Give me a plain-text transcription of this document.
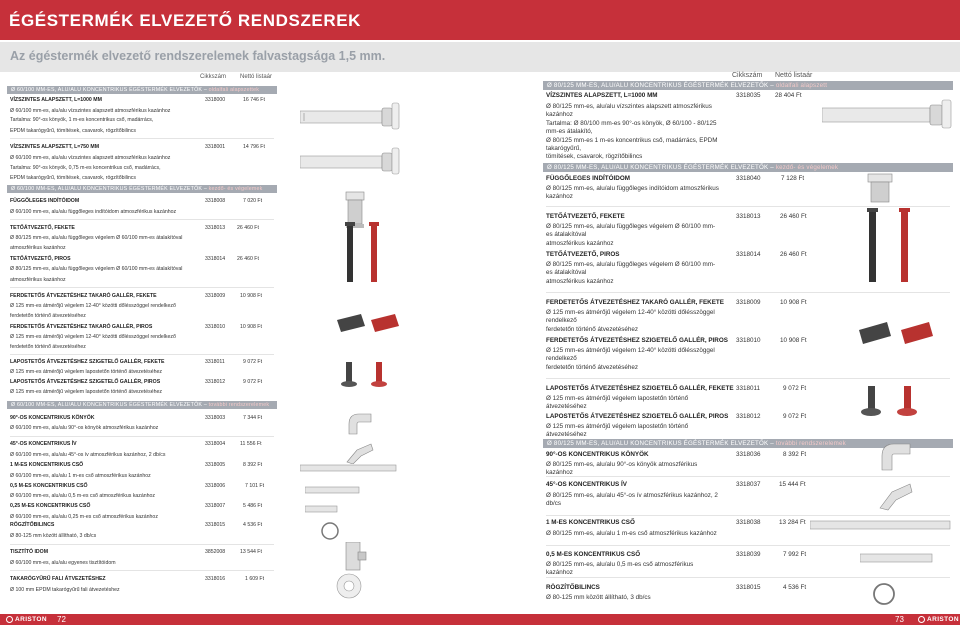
ÉGÉSTERMÉK ELVEZETŐ RENDSZEREK
Az égéstermék elvezető rendszerelemek falvastagsága 1,5 mm.
Cikkszám Nettó listaár
Ø 60/100 MM-ES, ALU/ALU KONCENTRIKUS ÉGÉSTERMÉK ELVEZETŐK – oldalfali alapszettek
VÍZSZINTES ALAPSZETT, L=1000 MM	3318000	16 746 Ft
Ø 60/100 mm-es, alu/alu vízszintes alapszett atmoszférikus kazánhoz
Tartalma: 90°-os könyök, 1 m-es koncentrikus cső, madárrács,
EPDM takarógyűrű, tömítések, csavarok, rögzítőbilincs
VÍZSZINTES ALAPSZETT, L=750 MM	3318001	14 796 Ft
Ø 60/100 mm-es, alu/alu vízszintes alapszett atmoszférikus kazánhoz
Tartalma: 90°-os könyök, 0,75 m-es koncentrikus cső, madárrács,
EPDM takarógyűrű, tömítések, csavarok, rögzítőbilincs
Ø 60/100 MM-ES, ALU/ALU KONCENTRIKUS ÉGÉSTERMÉK ELVEZETŐK – kezdő- és végelemek
FÜGGŐLEGES INDÍTÓIDOM	3318008	7 020 Ft
Ø 60/100 mm-es, alu/alu függőleges indítóidom atmoszférikus kazánhoz
TETŐÁTVEZETŐ, FEKETE	3318013 26 460 Ft
Ø 80/125 mm-es, alu/alu függőleges végelem Ø 60/100 mm-es átalakítóval
atmoszférikus kazánhoz
TETŐÁTVEZETŐ, PIROS	3318014 26 460 Ft
Ø 80/125 mm-es, alu/alu függőleges végelem Ø 60/100 mm-es átalakítóval
atmoszférikus kazánhoz
FERDETETŐS ÁTVEZETÉSHEZ TAKARÓ GALLÉR, FEKETE	3318009	10 908 Ft
Ø 125 mm-es átmérőjű végelem 12-40° közötti dőlésszöggel rendelkező
ferdetetőn történő átvezetéséhez
FERDETETŐS ÁTVEZETÉSHEZ TAKARÓ GALLÉR, PIROS	3318010	10 908 Ft
Ø 125 mm-es átmérőjű végelem 12-40° közötti dőlésszöggel rendelkező
ferdetetőn történő átvezetéséhez
LAPOSTETŐS ÁTVEZETÉSHEZ SZIGETELŐ GALLÉR, FEKETE	3318011	9 072 Ft
Ø 125 mm-es átmérőjű végelem lapostetőn történő átvezetéséhez
LAPOSTETŐS ÁTVEZETÉSHEZ SZIGETELŐ GALLÉR, PIROS	3318012	9 072 Ft
Ø 125 mm-es átmérőjű végelem lapostetőn történő átvezetéséhez
Ø 60/100 MM-ES, ALU/ALU KONCENTRIKUS ÉGÉSTERMÉK ELVEZETŐK – további rendszerelemek
90°-OS KONCENTRIKUS KÖNYÖK	3318003	7 344 Ft
Ø 60/100 mm-es, alu/alu 90°-os könyök atmoszférikus kazánhoz
45°-OS KONCENTRIKUS ÍV	3318004	11 556 Ft
Ø 60/100 mm-es, alu/alu 45°-os ív atmoszférikus kazánhoz, 2 db/cs
1 M-ES KONCENTRIKUS CSŐ	3318005	8 392 Ft
Ø 60/100 mm-es, alu/alu 1 m-es cső atmoszférikus kazánhoz
0,5 M-ES KONCENTRIKUS CSŐ	3318006	7 101 Ft
Ø 60/100 mm-es, alu/alu 0,5 m-es cső atmoszférikus kazánhoz
0,25 M-ES KONCENTRIKUS CSŐ	3318007	5 486 Ft
Ø 60/100 mm-es, alu/alu 0,25 m-es cső atmoszférikus kazánhoz
RÖGZÍTŐBILINCS	3318015	4 536 Ft
Ø 80-125 mm között állítható, 3 db/cs
TISZTÍTÓ IDOM	3852008	13 544 Ft
Ø 60/100 mm-es, alu/alu egyenes tisztítóidom
TAKARÓGYŰRŰ FALI ÁTVEZETÉSHEZ	3318016	1 609 Ft
Ø 100 mm EPDM takarógyűrű fali átvezetéshez
Cikkszám Nettó listaár
Ø 80/125 MM-ES, ALU/ALU KONCENTRIKUS ÉGÉSTERMÉK ELVEZETŐK – oldalfali alapszett
VÍZSZINTES ALAPSZETT, L=1000 MM	3318035 28 404 Ft
Ø 80/125 mm-es, alu/alu vízszintes alapszett atmoszférikus kazánhoz
Tartalma: Ø 80/100 mm-es 90°-os könyök, Ø 60/100 - 80/125 mm-es átalakító,
Ø 80/125 mm-es 1 m-es koncentrikus cső, madárrács, EPDM takarógyűrű,
tömítések, csavarok, rögzítőbilincs
Ø 80/125 MM-ES, ALU/ALU KONCENTRIKUS ÉGÉSTERMÉK ELVEZETŐK – kezdő- és végelemek
FÜGGŐLEGES INDÍTÓIDOM	3318040	7 128 Ft
Ø 80/125 mm-es, alu/alu függőleges indítóidom atmoszférikus kazánhoz
TETŐÁTVEZETŐ, FEKETE	3318013	26 460 Ft
Ø 80/125 mm-es, alu/alu függőleges végelem Ø 60/100 mm-es átalakítóval
atmoszférikus kazánhoz
TETŐÁTVEZETŐ, PIROS	3318014	26 460 Ft
Ø 80/125 mm-es, alu/alu függőleges végelem Ø 60/100 mm-es átalakítóval
atmoszférikus kazánhoz
FERDETETŐS ÁTVEZETÉSHEZ TAKARÓ GALLÉR, FEKETE 3318009	10 908 Ft
Ø 125 mm-es átmérőjű végelem 12-40° közötti dőlésszöggel rendelkező
ferdetetőn történő átvezetéséhez
FERDETETŐS ÁTVEZETÉSHEZ SZIGETELŐ GALLÉR, PIROS 3318010	10 908 Ft
Ø 125 mm-es átmérőjű végelem 12-40° közötti dőlésszöggel rendelkező
ferdetetőn történő átvezetéséhez
LAPOSTETŐS ÁTVEZETÉSHEZ SZIGETELŐ GALLÉR, FEKETE 3318011	9 072 Ft
Ø 125 mm-es átmérőjű végelem lapostetőn történő átvezetéséhez
LAPOSTETŐS ÁTVEZETÉSHEZ SZIGETELŐ GALLÉR, PIROS 3318012	9 072 Ft
Ø 125 mm-es átmérőjű végelem lapostetőn történő átvezetéséhez
Ø 80/125 MM-ES, ALU/ALU KONCENTRIKUS ÉGÉSTERMÉK ELVEZETŐK – további rendszerelemek
90°-OS KONCENTRIKUS KÖNYÖK	3318036	8 392 Ft
Ø 80/125 mm-es, alu/alu 90°-os könyök atmoszférikus kazánhoz
45°-OS KONCENTRIKUS ÍV	3318037	15 444 Ft
Ø 80/125 mm-es, alu/alu 45°-os ív atmoszférikus kazánhoz, 2 db/cs
1 M-ES KONCENTRIKUS CSŐ	3318038	13 284 Ft
Ø 80/125 mm-es, alu/alu 1 m-es cső atmoszférikus kazánhoz
0,5 M-ES KONCENTRIKUS CSŐ	3318039	7 992 Ft
Ø 80/125 mm-es, alu/alu 0,5 m-es cső atmoszférikus kazánhoz
RÖGZÍTŐBILINCS	3318015	4 536 Ft
Ø 80-125 mm között állítható, 3 db/cs
ARISTON 72	73	ARISTON
